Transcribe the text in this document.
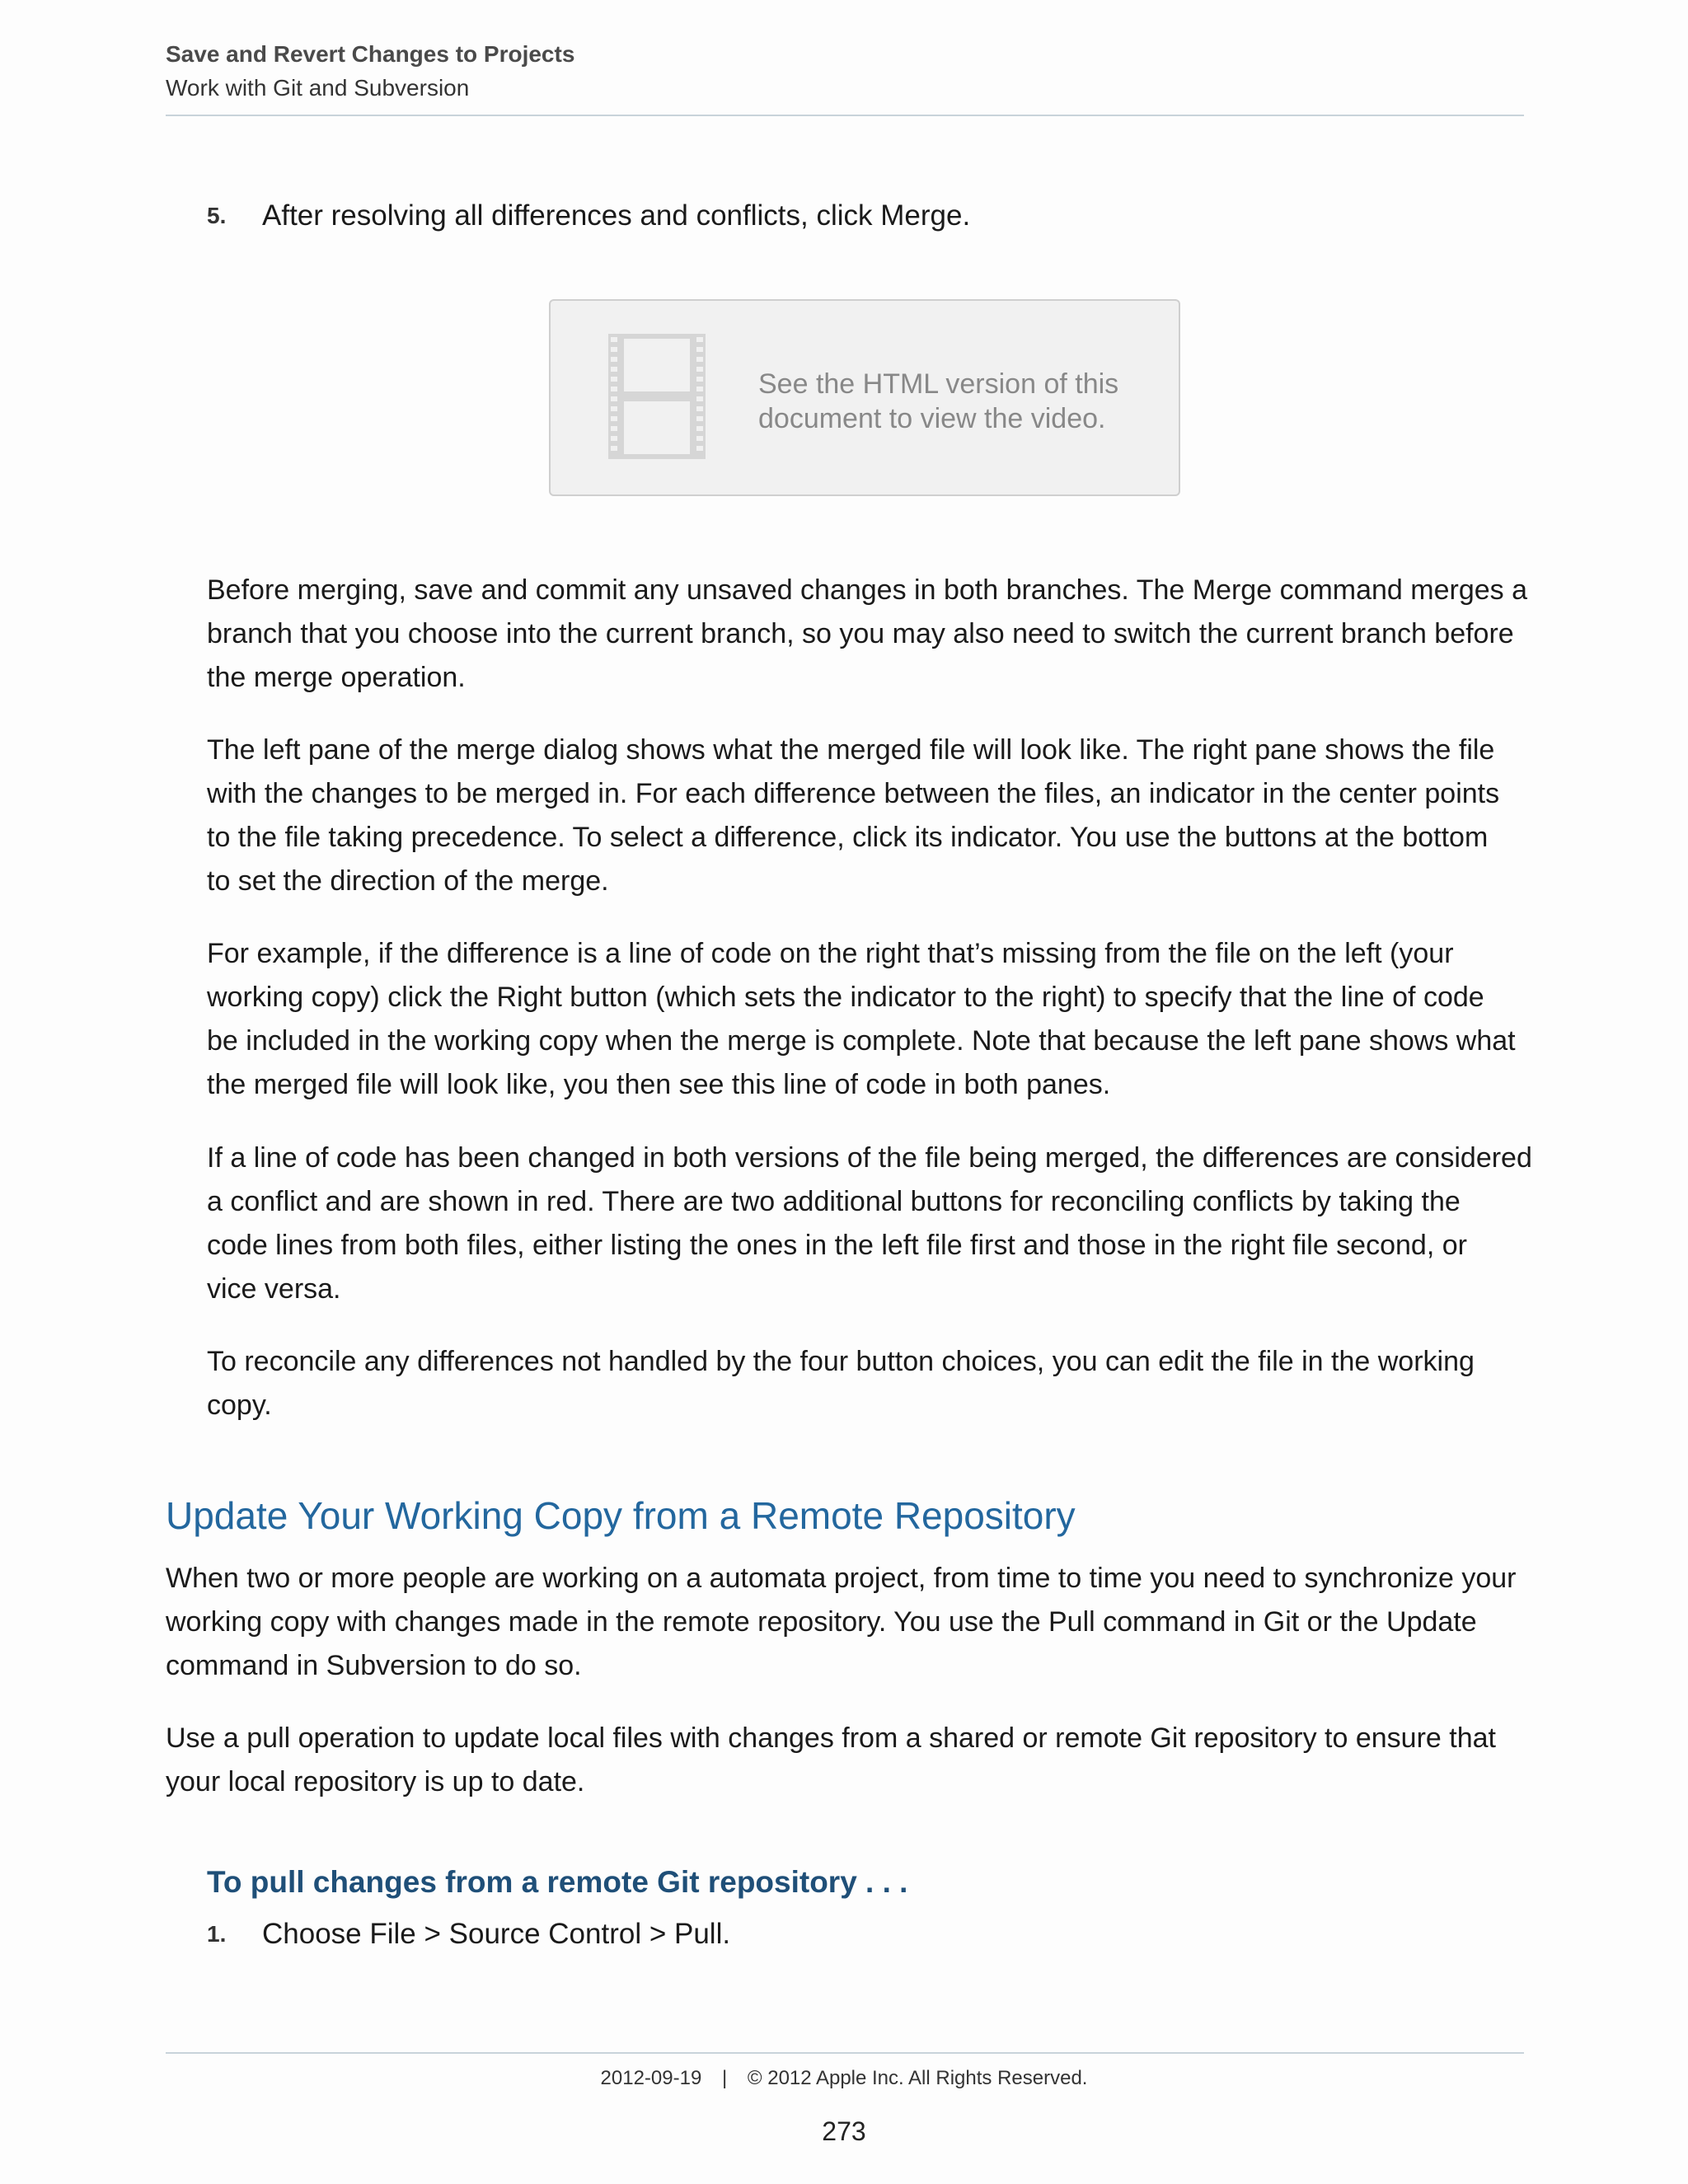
Save and Revert Changes to Projects
Work with Git and Subversion
5. After resolving all differences and conflicts, click Merge.
See the HTML version of this
document to view the video.
Before merging, save and commit any unsaved changes in both branches. The Merge command merges a
branch that you choose into the current branch, so you may also need to switch the current branch before
the merge operation.
The left pane of the merge dialog shows what the merged file will look like. The right pane shows the file
with the changes to be merged in. For each difference between the files, an indicator in the center points
to the file taking precedence. To select a difference, click its indicator. You use the buttons at the bottom
to set the direction of the merge.
For example, if the difference is a line of code on the right that’s missing from the file on the left (your
working copy) click the Right button (which sets the indicator to the right) to specify that the line of code
be included in the working copy when the merge is complete. Note that because the left pane shows what
the merged file will look like, you then see this line of code in both panes.
If a line of code has been changed in both versions of the file being merged, the differences are considered
a conflict and are shown in red. There are two additional buttons for reconciling conflicts by taking the
code lines from both files, either listing the ones in the left file first and those in the right file second, or
vice versa.
To reconcile any differences not handled by the four button choices, you can edit the file in the working
copy.
Update Your Working Copy from a Remote Repository
When two or more people are working on a automata project, from time to time you need to synchronize your
working copy with changes made in the remote repository. You use the Pull command in Git or the Update
command in Subversion to do so.
Use a pull operation to update local files with changes from a shared or remote Git repository to ensure that
your local repository is up to date.
To pull changes from a remote Git repository . . .
1. Choose File > Source Control > Pull.
2012-09-19 | © 2012 Apple Inc. All Rights Reserved.
273
